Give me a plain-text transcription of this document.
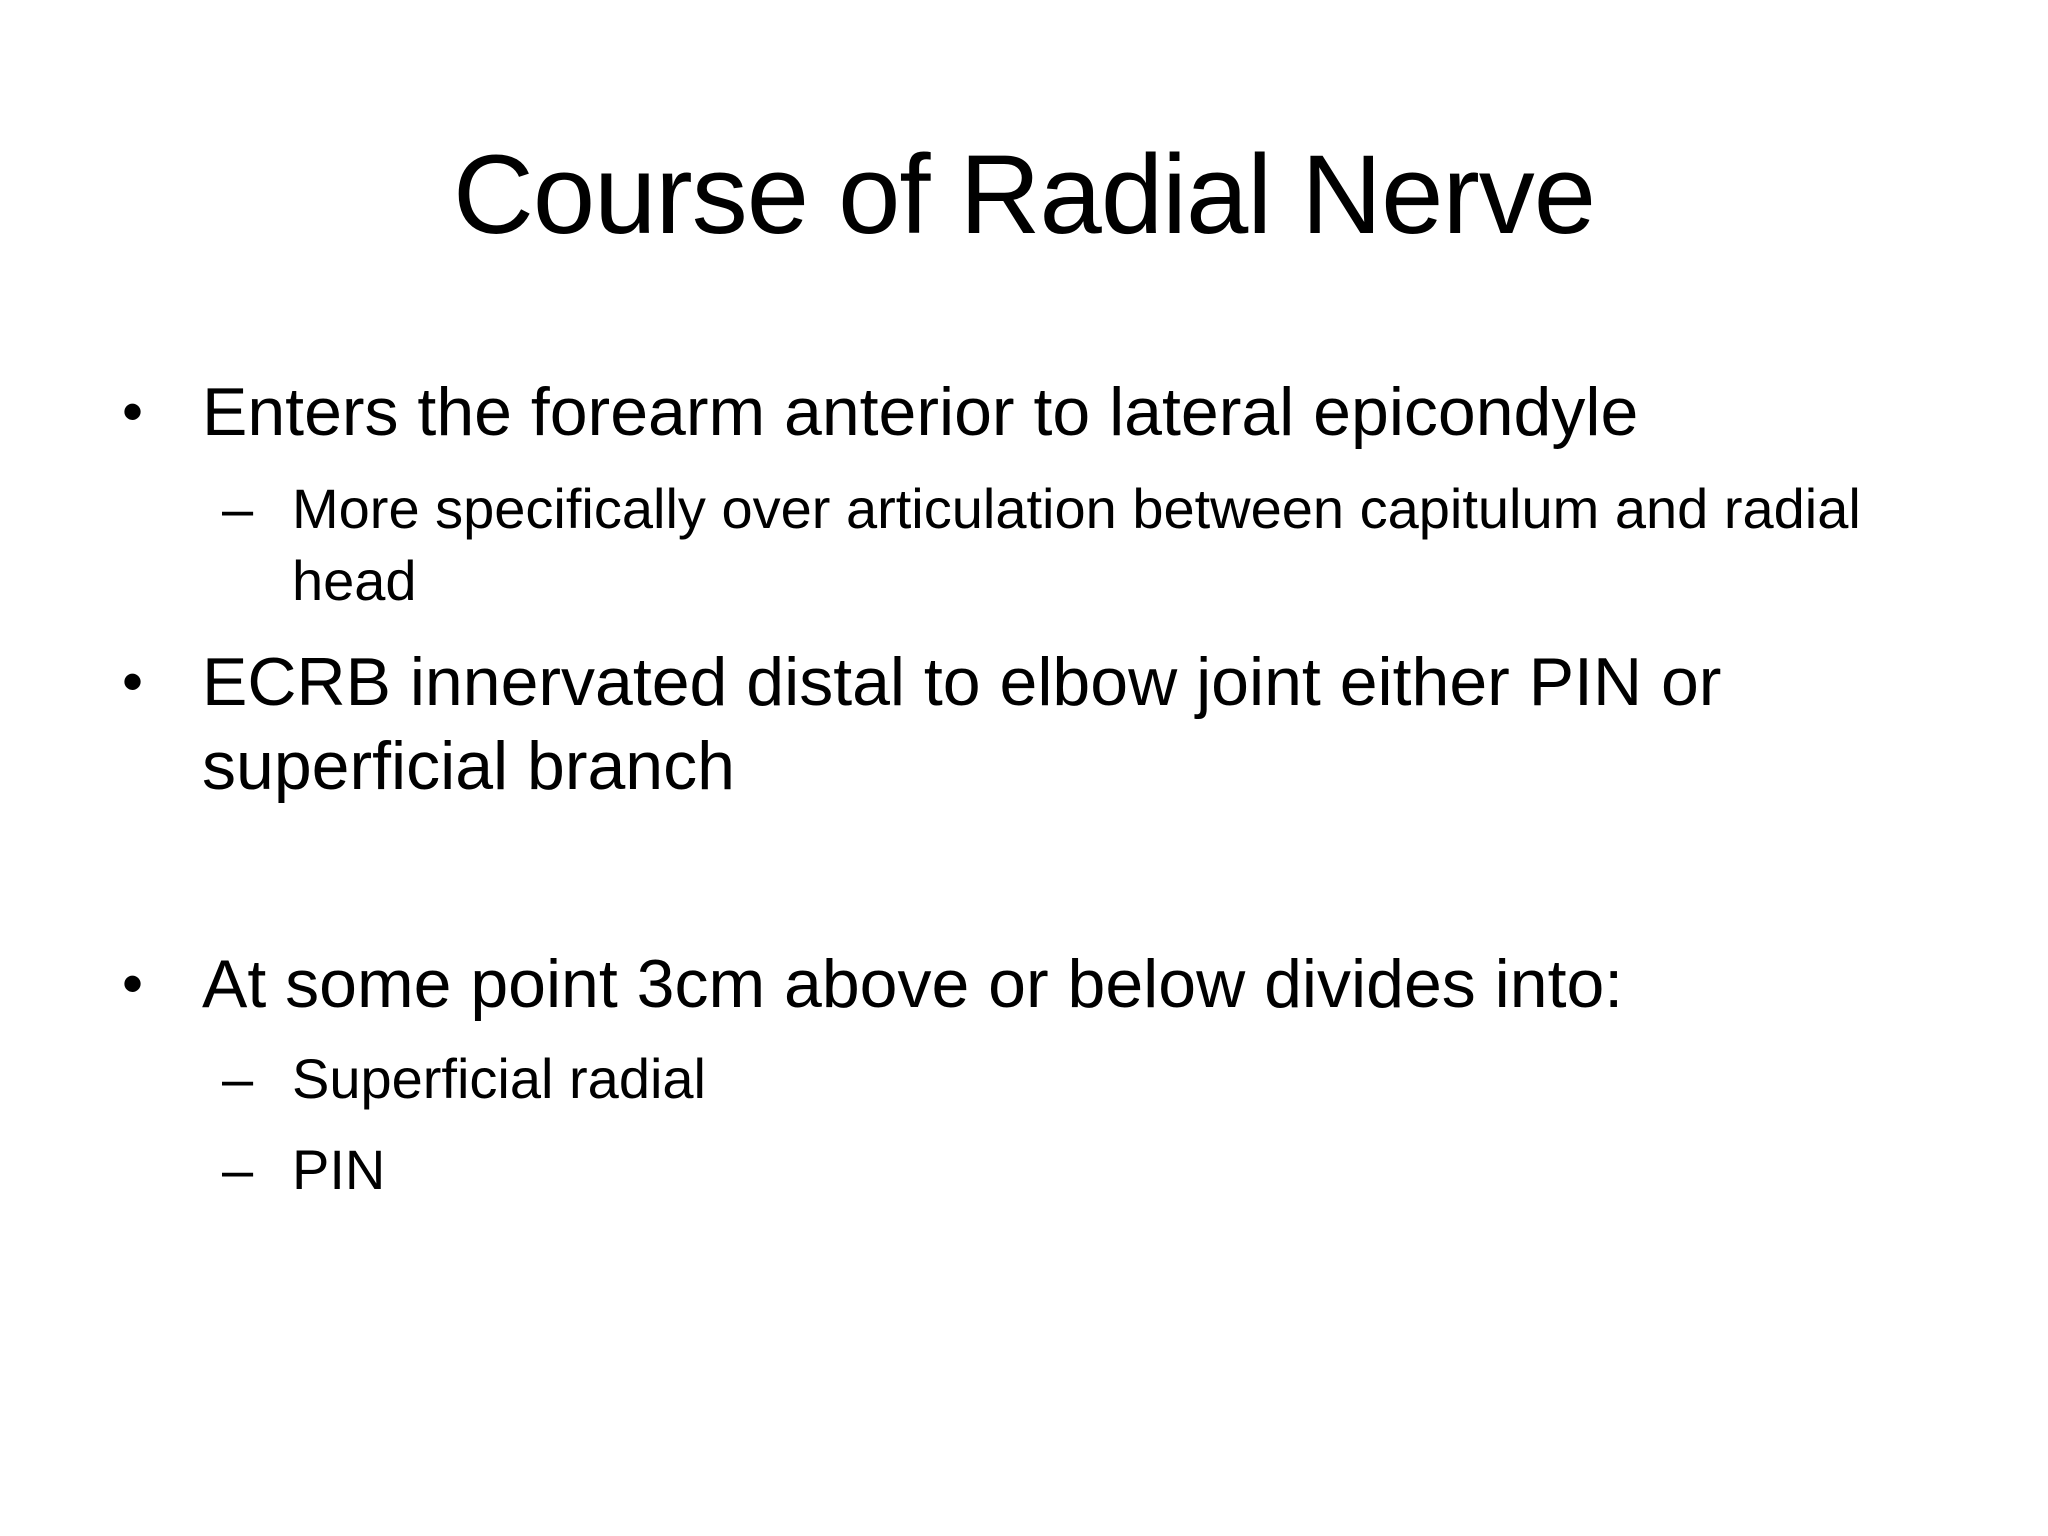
Course of Radial Nerve
• Enters the forearm anterior to lateral epicondyle
– More specifically over articulation between capitulum and radial head
• ECRB innervated distal to elbow joint either PIN or superficial branch
• At some point 3cm above or below divides into:
– Superficial radial
– PIN
